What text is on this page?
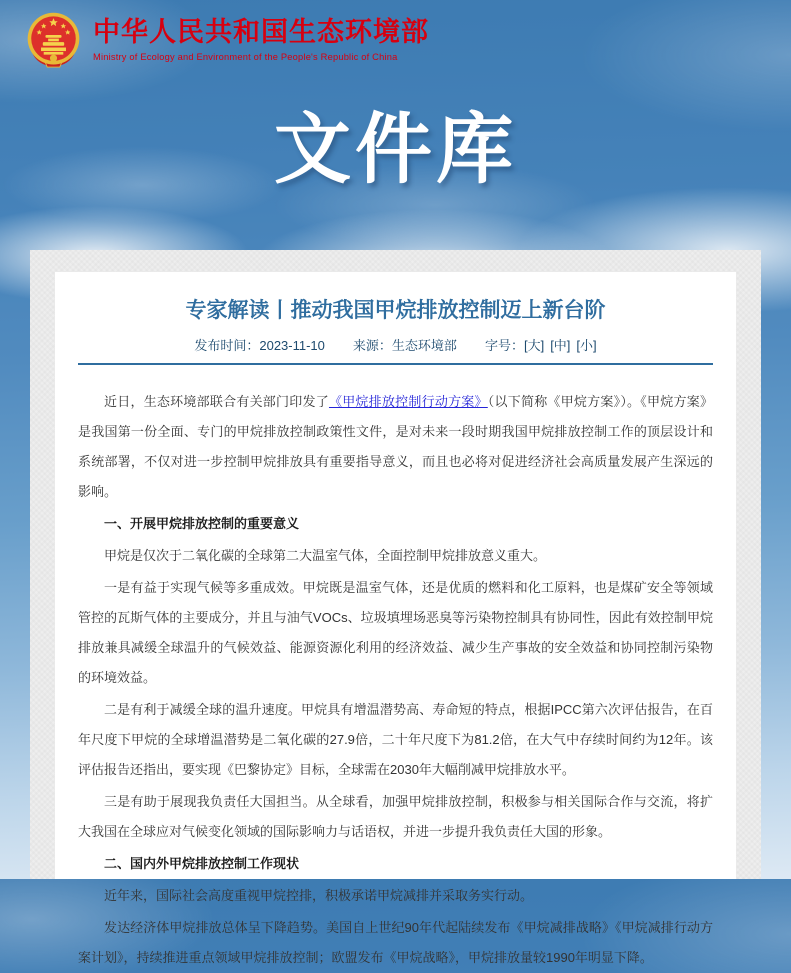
中华人民共和国生态环境部
Ministry of Ecology and Environment of the People's Republic of China
文件库
专家解读丨推动我国甲烷排放控制迈上新台阶
发布时间：2023-11-10 来源：生态环境部 字号： [大] [中] [小]

近日，生态环境部联合有关部门印发了《甲烷排放控制行动方案》（以下简称《甲烷方案》）。《甲烷方案》是我国第一份全面、专门的甲烷排放控制政策性文件，是对未来一段时期我国甲烷排放控制工作的顶层设计和系统部署，不仅对进一步控制甲烷排放具有重要指导意义，而且也必将对促进经济社会高质量发展产生深远的影响。

一、开展甲烷排放控制的重要意义

甲烷是仅次于二氧化碳的全球第二大温室气体，全面控制甲烷排放意义重大。

一是有益于实现气候等多重成效。甲烷既是温室气体，还是优质的燃料和化工原料，也是煤矿安全等领域管控的瓦斯气体的主要成分，并且与油气VOCs、垃圾填埋场恶臭等污染物控制具有协同性，因此有效控制甲烷排放兼具减缓全球温升的气候效益、能源资源化利用的经济效益、减少生产事故的安全效益和协同控制污染物的环境效益。

二是有利于减缓全球的温升速度。甲烷具有增温潜势高、寿命短的特点，根据IPCC第六次评估报告，在百年尺度下甲烷的全球增温潜势是二氧化碳的27.9倍，二十年尺度下为81.2倍，在大气中存续时间约为12年。该评估报告还指出，要实现《巴黎协定》目标，全球需在2030年大幅削减甲烷排放水平。

三是有助于展现我负责任大国担当。从全球看，加强甲烷排放控制，积极参与相关国际合作与交流，将扩大我国在全球应对气候变化领域的国际影响力与话语权，并进一步提升我负责任大国的形象。

二、国内外甲烷排放控制工作现状

近年来，国际社会高度重视甲烷控排，积极承诺甲烷减排并采取务实行动。

发达经济体甲烷排放总体呈下降趋势。美国自上世纪90年代起陆续发布《甲烷减排战略》《甲烷减排行动方案计划》，持续推进重点领域甲烷排放控制；欧盟发布《甲烷战略》，甲烷排放量较1990年明显下降。
